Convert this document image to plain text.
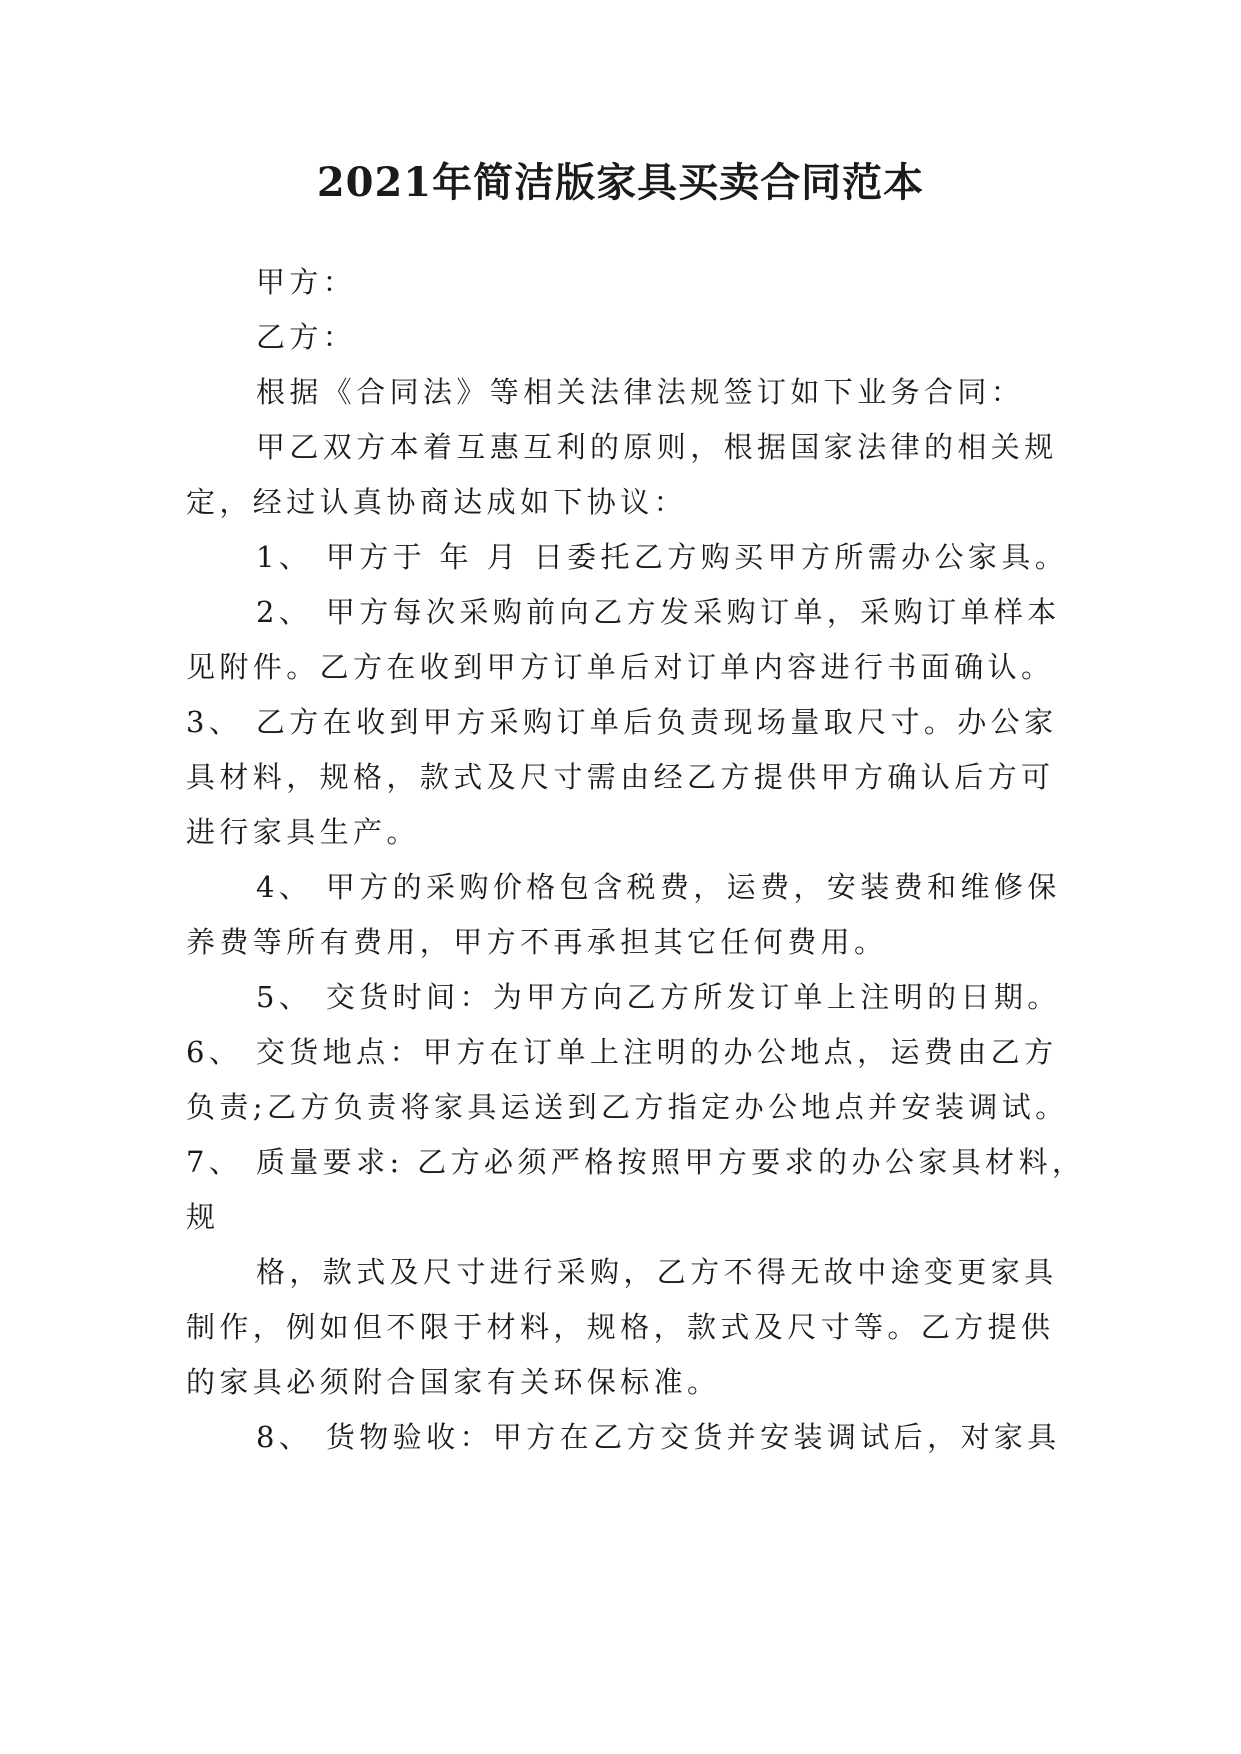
2021年简洁版家具买卖合同范本
甲方：
乙方：
根据《合同法》等相关法律法规签订如下业务合同：
甲乙双方本着互惠互利的原则，根据国家法律的相关规
定，经过认真协商达成如下协议：
1、 甲方于 年 月 日委托乙方购买甲方所需办公家具。
2、 甲方每次采购前向乙方发采购订单，采购订单样本
见附件。乙方在收到甲方订单后对订单内容进行书面确认。
3、 乙方在收到甲方采购订单后负责现场量取尺寸。办公家
具材料，规格，款式及尺寸需由经乙方提供甲方确认后方可
进行家具生产。
4、 甲方的采购价格包含税费，运费，安装费和维修保
养费等所有费用，甲方不再承担其它任何费用。
5、 交货时间：为甲方向乙方所发订单上注明的日期。
6、 交货地点：甲方在订单上注明的办公地点，运费由乙方
负责;乙方负责将家具运送到乙方指定办公地点并安装调试。
7、 质量要求: 乙方必须严格按照甲方要求的办公家具材料，
规
格，款式及尺寸进行采购，乙方不得无故中途变更家具
制作，例如但不限于材料，规格，款式及尺寸等。乙方提供
的家具必须附合国家有关环保标准。
8、 货物验收：甲方在乙方交货并安装调试后，对家具
